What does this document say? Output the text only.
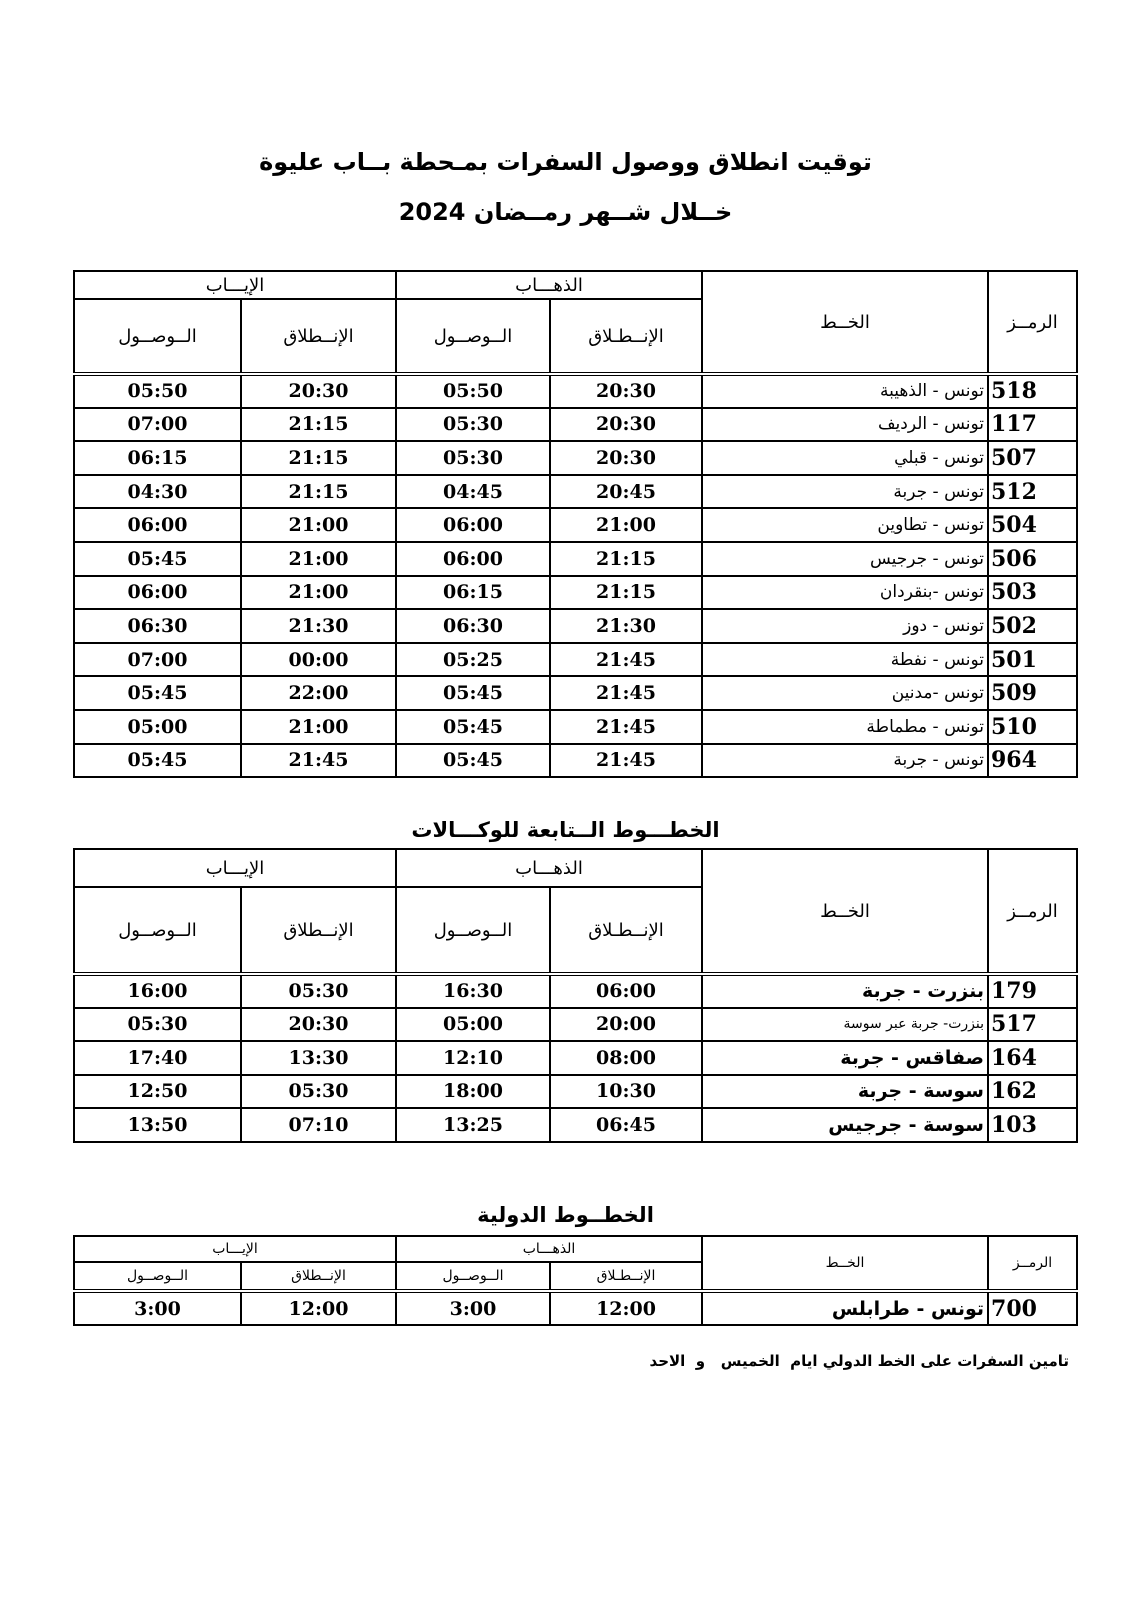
توقيت انطلاق ووصول السفرات بمـحطة بــاب عليوة
خــلال شــهر رمــضان 2024
الرمــز	الخــط	الذهـــاب		الإيـــاب	
		الإنــطـلاق	الــوصــول	الإنــطلاق	الــوصــول
518	تونس - الذهيبة	20:30	05:50	20:30	05:50
117	تونس - الرديف	20:30	05:30	21:15	07:00
507	تونس - قبلي	20:30	05:30	21:15	06:15
512	تونس - جربة	20:45	04:45	21:15	04:30
504	تونس - تطاوين	21:00	06:00	21:00	06:00
506	تونس - جرجيس	21:15	06:00	21:00	05:45
503	تونس -بنقردان	21:15	06:15	21:00	06:00
502	تونس - دوز	21:30	06:30	21:30	06:30
501	تونس - نفطة	21:45	05:25	00:00	07:00
509	تونس -مدنين	21:45	05:45	22:00	05:45
510	تونس - مطماطة	21:45	05:45	21:00	05:00
964	تونس - جربة	21:45	05:45	21:45	05:45
الخطـــوط الــتابعة للوكـــالات
الرمــز	الخــط	الذهـــاب		الإيـــاب	
		الإنــطـلاق	الــوصــول	الإنــطلاق	الــوصــول
179	بنزرت - جربة	06:00	16:30	05:30	16:00
517	بنزرت- جربة عبر سوسة	20:00	05:00	20:30	05:30
164	صفاقس - جربة	08:00	12:10	13:30	17:40
162	سوسة - جربة	10:30	18:00	05:30	12:50
103	سوسة - جرجيس	06:45	13:25	07:10	13:50
الخطــوط الدولية
الرمــز	الخــط	الذهـــاب		الإيـــاب	
		الإنــطـلاق	الــوصــول	الإنــطلاق	الــوصــول
700	تونس - طرابلس	12:00	3:00	12:00	3:00
تامين السفرات على الخط الدولي ايام  الخميس   و  الاحد
